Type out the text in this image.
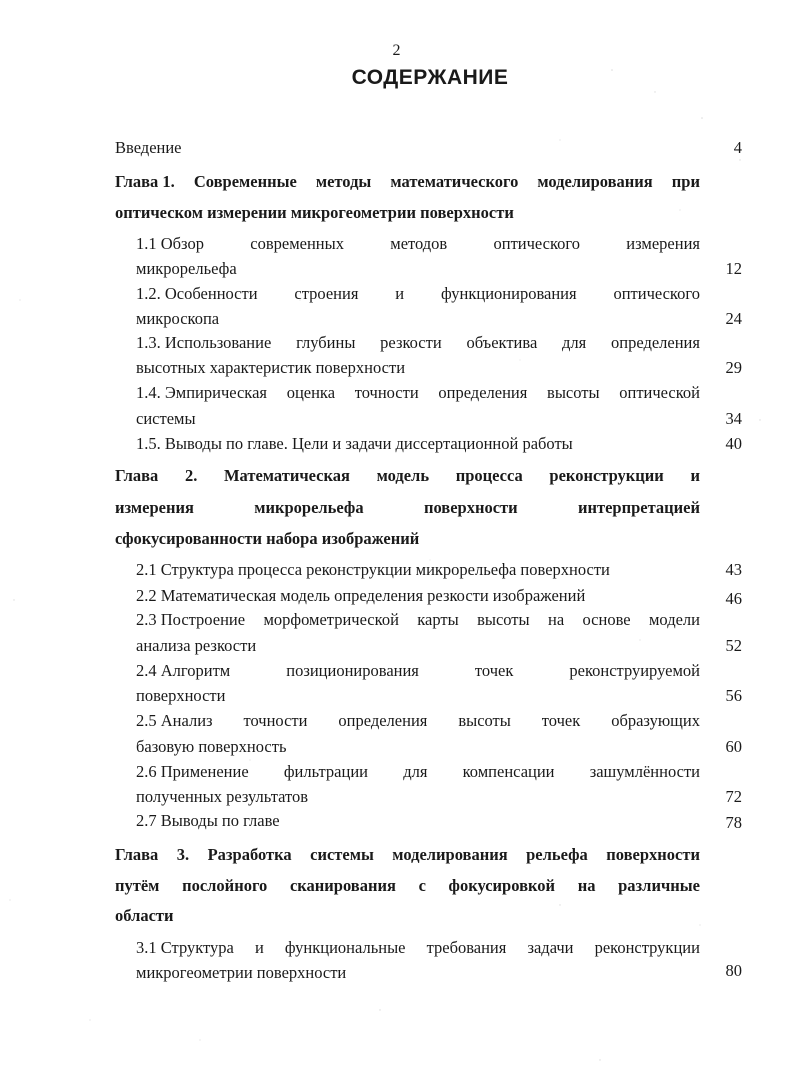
2
СОДЕРЖАНИЕ
Введение	4
Глава 1. Современные методы математического моделирования при
оптическом измерении микрогеометрии поверхности
1.1 Обзор	современных	методов	оптического	измерения
микрорельефа	12
1.2. Особенности строения и функционирования оптического
микроскопа	24
1.3. Использование глубины резкости объектива для определения
высотных характеристик поверхности	29
1.4. Эмпирическая оценка точности определения высоты оптической
системы	34
1.5. Выводы по главе. Цели и задачи диссертационной работы	40
Глава 2. Математическая модель процесса реконструкции и
измерения	микрорельефа	поверхности	интерпретацией
сфокусированности набора изображений
2.1 Структура процесса реконструкции микрорельефа поверхности	43
2.2 Математическая модель определения резкости изображений	46
2.3 Построение морфометрической карты высоты на основе модели
анализа резкости	52
2.4 Алгоритм	позиционирования	точек	реконструируемой
поверхности	56
2.5 Анализ точности определения высоты точек образующих
базовую поверхность	60
2.6 Применение фильтрации для компенсации зашумлённости
полученных результатов	72
2.7 Выводы по главе	78
Глава 3. Разработка системы моделирования рельефа поверхности
путём послойного сканирования с фокусировкой на различные
области
3.1 Структура и функциональные требования задачи реконструкции
микрогеометрии поверхности	80
